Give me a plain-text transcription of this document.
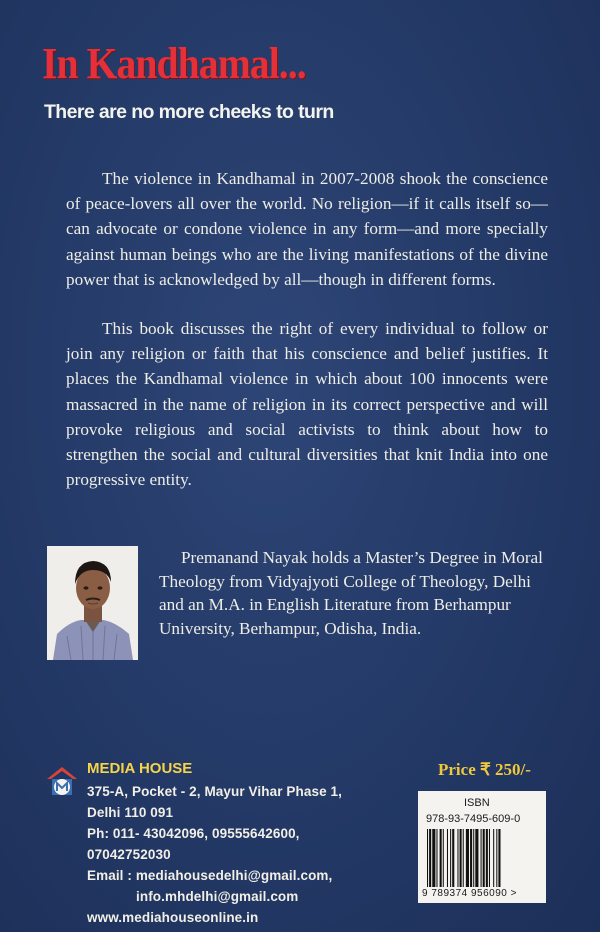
In Kandhamal...
There are no more cheeks to turn

The violence in Kandhamal in 2007-2008 shook the conscience of peace-lovers all over the world. No religion—if it calls itself so—can advocate or condone violence in any form—and more specially against human beings who are the living manifestations of the divine power that is acknowledged by all—though in different forms.

This book discusses the right of every individual to follow or join any religion or faith that his conscience and belief justifies. It places the Kandhamal violence in which about 100 innocents were massacred in the name of religion in its correct perspective and will provoke religious and social activists to think about how to strengthen the social and cultural diversities that knit India into one progressive entity.

Premanand Nayak holds a Master’s Degree in Moral Theology from Vidyajyoti College of Theology, Delhi and an M.A. in English Literature from Berhampur University, Berhampur, Odisha, India.

MEDIA HOUSE
375-A, Pocket - 2, Mayur Vihar Phase 1,
Delhi 110 091
Ph: 011- 43042096, 09555642600,
07042752030
Email : mediahousedelhi@gmail.com,
info.mhdelhi@gmail.com
www.mediahouseonline.in
Price ₹ 250/-
ISBN
978-93-7495-609-0
9 789374 956090 >
